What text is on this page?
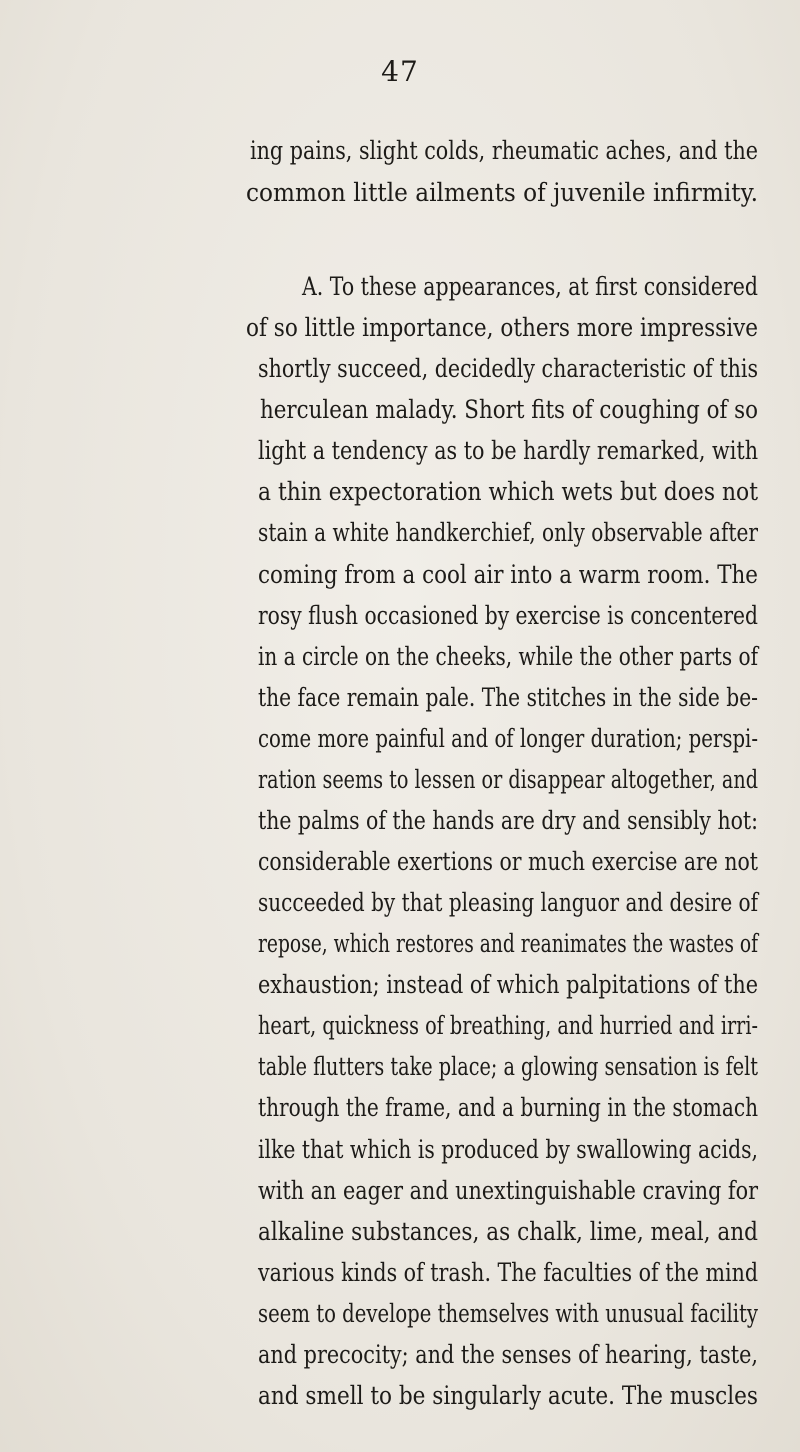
47
ing pains, slight colds, rheumatic aches, and the
common little ailments of juvenile infirmity.
A. To these appearances, at first considered
of so little importance, others more impressive
shortly succeed, decidedly characteristic of this
herculean malady. Short fits of coughing of so
light a tendency as to be hardly remarked, with
a thin expectoration which wets but does not
stain a white handkerchief, only observable after
coming from a cool air into a warm room. The
rosy flush occasioned by exercise is concentered
in a circle on the cheeks, while the other parts of
the face remain pale. The stitches in the side be-
come more painful and of longer duration; perspi-
ration seems to lessen or disappear altogether, and
the palms of the hands are dry and sensibly hot:
considerable exertions or much exercise are not
succeeded by that pleasing languor and desire of
repose, which restores and reanimates the wastes of
exhaustion; instead of which palpitations of the
heart, quickness of breathing, and hurried and irri-
table flutters take place; a glowing sensation is felt
through the frame, and a burning in the stomach
ilke that which is produced by swallowing acids,
with an eager and unextinguishable craving for
alkaline substances, as chalk, lime, meal, and
various kinds of trash. The faculties of the mind
seem to develope themselves with unusual facility
and precocity; and the senses of hearing, taste,
and smell to be singularly acute. The muscles
